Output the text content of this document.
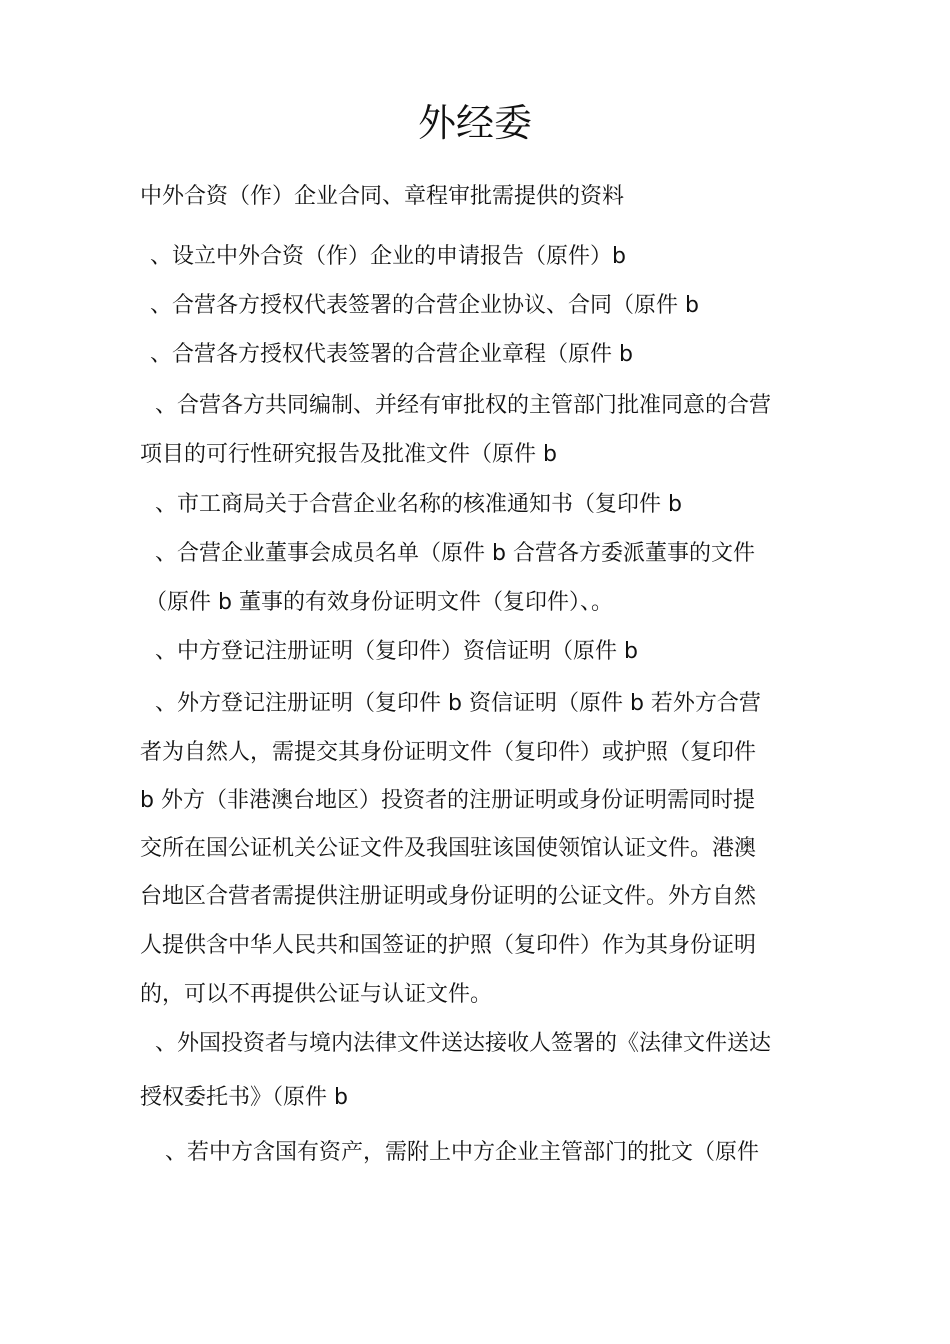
外经委
中外合资（作）企业合同、章程审批需提供的资料
、设立中外合资（作）企业的申请报告（原件）b
、合营各方授权代表签署的合营企业协议、合同（原件 b
、合营各方授权代表签署的合营企业章程（原件 b
、合营各方共同编制、并经有审批权的主管部门批准同意的合营
项目的可行性研究报告及批准文件（原件 b
、市工商局关于合营企业名称的核准通知书（复印件 b
、合营企业董事会成员名单（原件 b 合营各方委派董事的文件
（原件 b 董事的有效身份证明文件（复印件）、。
、中方登记注册证明（复印件）资信证明（原件 b
、外方登记注册证明（复印件 b 资信证明（原件 b 若外方合营
者为自然人，需提交其身份证明文件（复印件）或护照（复印件
b 外方（非港澳台地区）投资者的注册证明或身份证明需同时提
交所在国公证机关公证文件及我国驻该国使领馆认证文件。港澳
台地区合营者需提供注册证明或身份证明的公证文件。外方自然
人提供含中华人民共和国签证的护照（复印件）作为其身份证明
的，可以不再提供公证与认证文件。
、外国投资者与境内法律文件送达接收人签署的《法律文件送达
授权委托书》（原件 b
、若中方含国有资产，需附上中方企业主管部门的批文（原件
